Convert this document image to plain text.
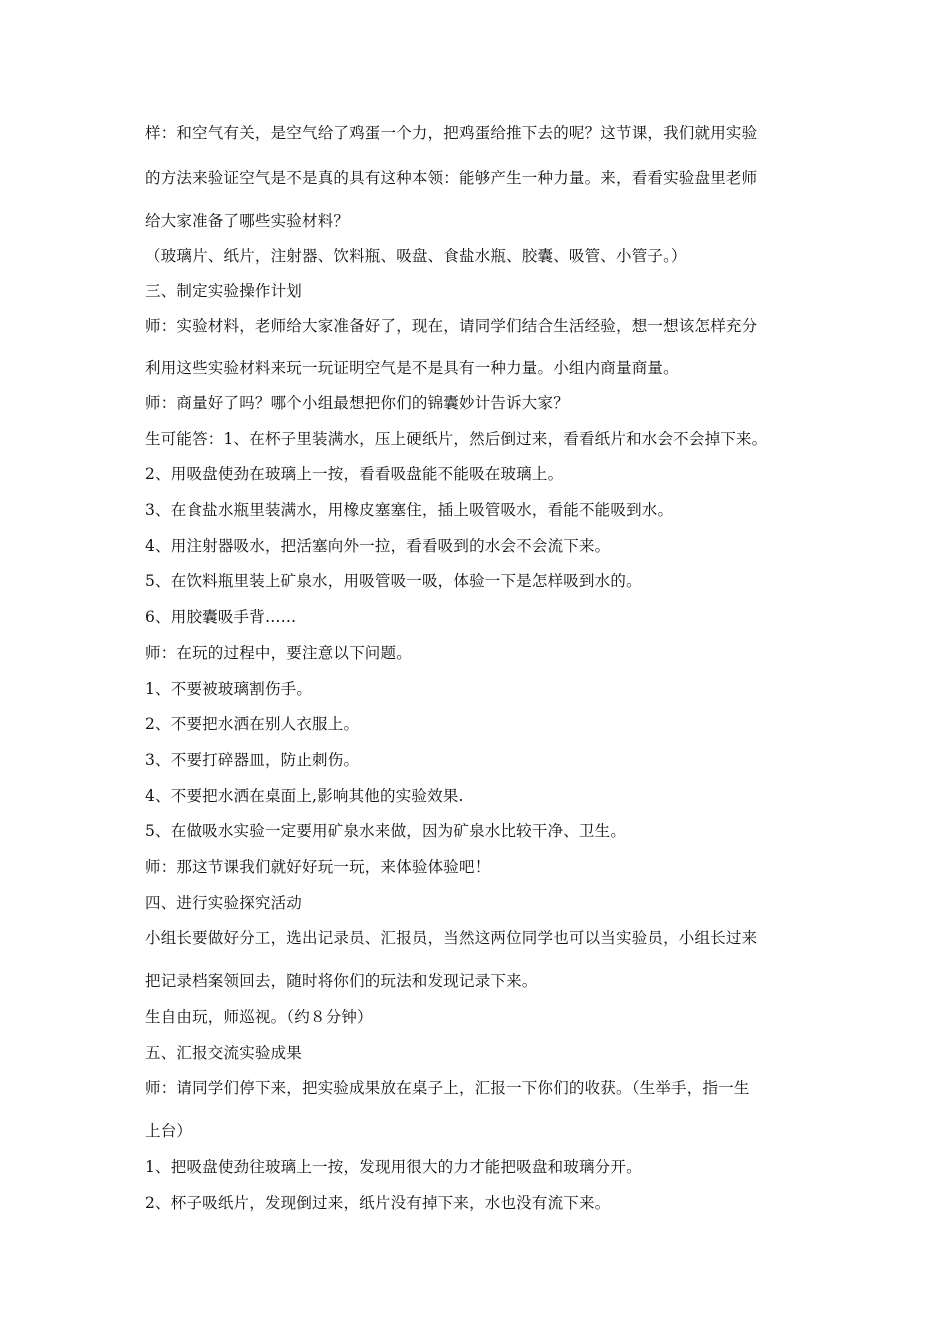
样：和空气有关，是空气给了鸡蛋一个力，把鸡蛋给推下去的呢？这节课，我们就用实验
的方法来验证空气是不是真的具有这种本领：能够产生一种力量。来，看看实验盘里老师
给大家准备了哪些实验材料？
（玻璃片、纸片，注射器、饮料瓶、吸盘、食盐水瓶、胶囊、吸管、小管子。）
三、制定实验操作计划
师：实验材料，老师给大家准备好了，现在，请同学们结合生活经验，想一想该怎样充分
利用这些实验材料来玩一玩证明空气是不是具有一种力量。小组内商量商量。
师：商量好了吗？哪个小组最想把你们的锦囊妙计告诉大家？
生可能答：1、在杯子里装满水，压上硬纸片，然后倒过来，看看纸片和水会不会掉下来。
2、用吸盘使劲在玻璃上一按，看看吸盘能不能吸在玻璃上。
3、在食盐水瓶里装满水，用橡皮塞塞住，插上吸管吸水，看能不能吸到水。
4、用注射器吸水，把活塞向外一拉，看看吸到的水会不会流下来。
5、在饮料瓶里装上矿泉水，用吸管吸一吸，体验一下是怎样吸到水的。
6、用胶囊吸手背……
师：在玩的过程中，要注意以下问题。
1、不要被玻璃割伤手。
2、不要把水洒在别人衣服上。
3、不要打碎器皿，防止刺伤。
4、不要把水洒在桌面上,影响其他的实验效果.
5、在做吸水实验一定要用矿泉水来做，因为矿泉水比较干净、卫生。
师：那这节课我们就好好玩一玩，来体验体验吧！
四、进行实验探究活动
小组长要做好分工，选出记录员、汇报员，当然这两位同学也可以当实验员，小组长过来
把记录档案领回去，随时将你们的玩法和发现记录下来。
生自由玩，师巡视。（约８分钟）
五、汇报交流实验成果
师：请同学们停下来，把实验成果放在桌子上，汇报一下你们的收获。（生举手，指一生
上台）
1、把吸盘使劲往玻璃上一按，发现用很大的力才能把吸盘和玻璃分开。
2、杯子吸纸片，发现倒过来，纸片没有掉下来，水也没有流下来。
